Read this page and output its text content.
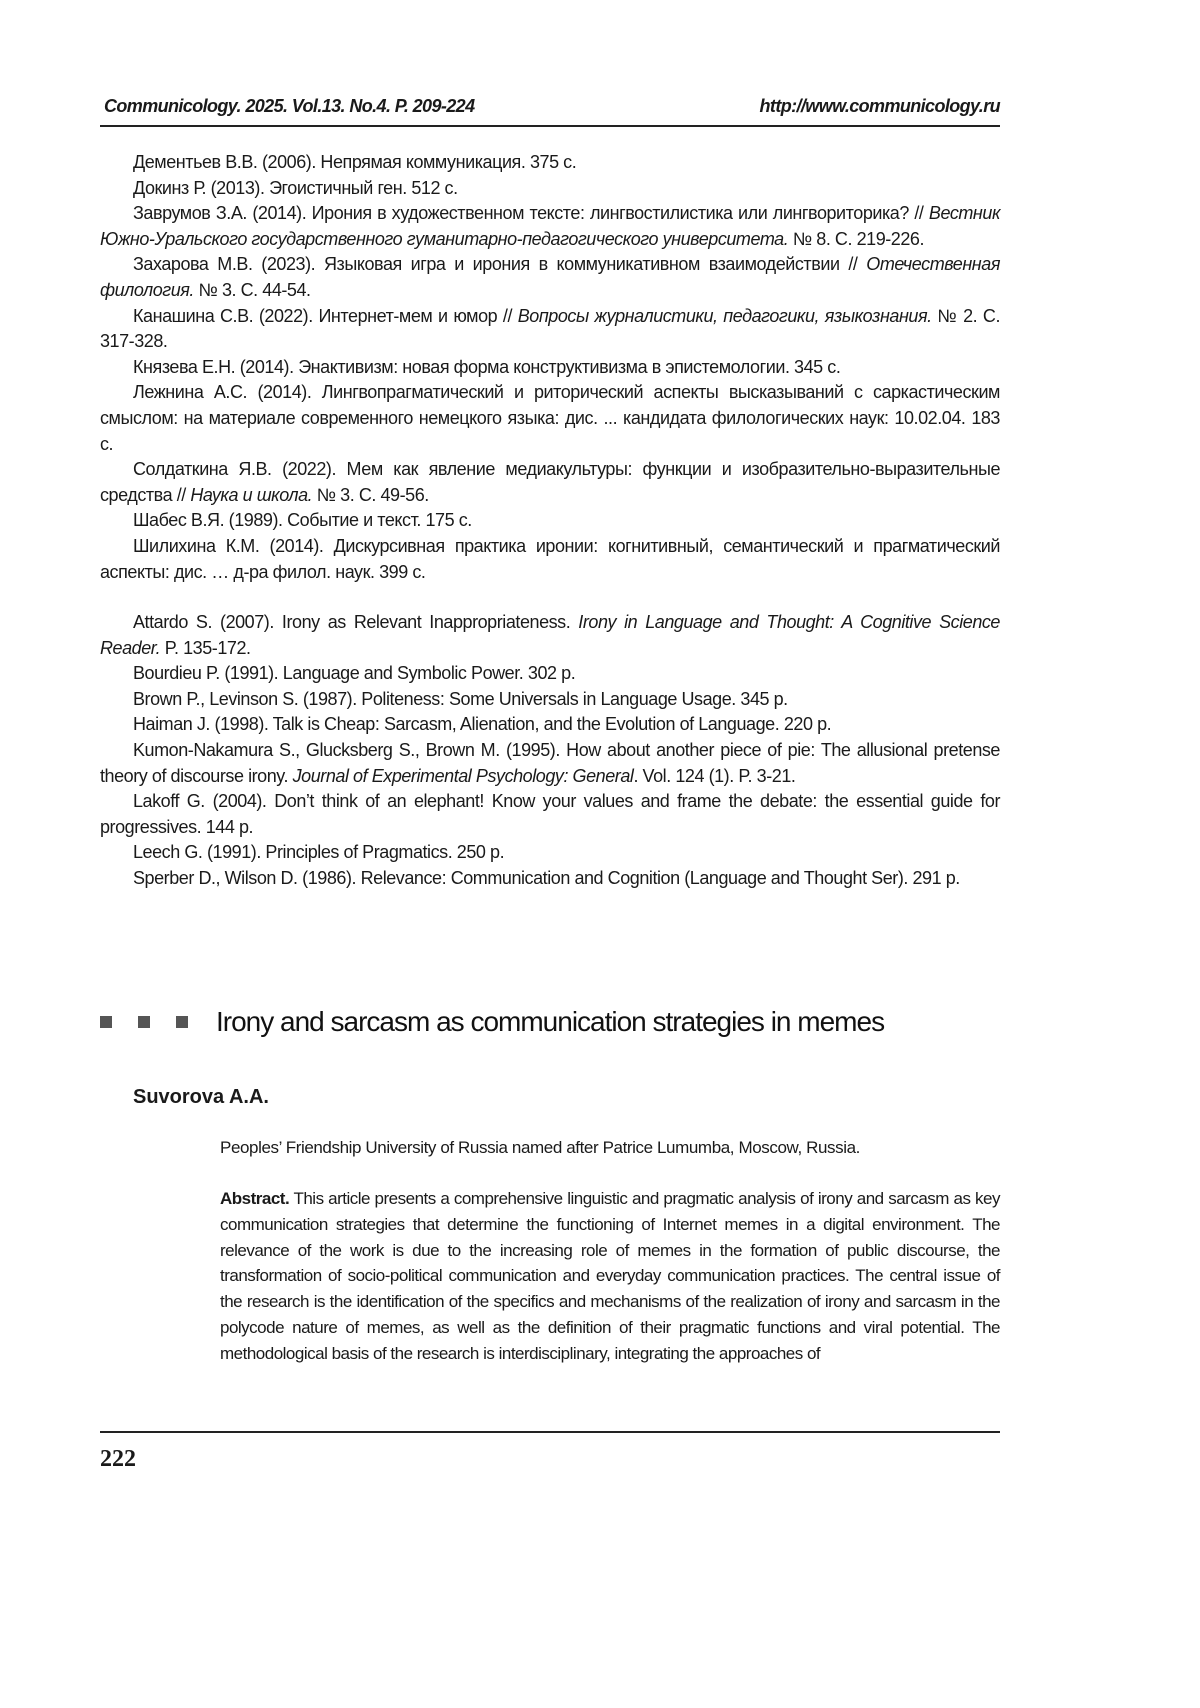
Communicology. 2025. Vol.13. No.4. P. 209-224	http://www.communicology.ru

Дементьев В.В. (2006). Непрямая коммуникация. 375 с.

Докинз Р. (2013). Эгоистичный ген. 512 с.

Заврумов З.А. (2014). Ирония в художественном тексте: лингвостилистика или лингвориторика? // Вестник Южно-Уральского государственного гуманитарно-педагогического университета. № 8. С. 219-226.

Захарова М.В. (2023). Языковая игра и ирония в коммуникативном взаимодействии // Отечественная филология. № 3. С. 44-54.

Канашина С.В. (2022). Интернет-мем и юмор // Вопросы журналистики, педагогики, языкознания. № 2. С. 317-328.

Князева Е.Н. (2014). Энактивизм: новая форма конструктивизма в эпистемологии. 345 с.

Лежнина А.С. (2014). Лингвопрагматический и риторический аспекты высказываний с саркастическим смыслом: на материале современного немецкого языка: дис. ... кандидата филологических наук: 10.02.04. 183 с.

Солдаткина Я.В. (2022). Мем как явление медиакультуры: функции и изобразительно-выразительные средства // Наука и школа. № 3. С. 49-56.

Шабес В.Я. (1989). Событие и текст. 175 с.

Шилихина К.М. (2014). Дискурсивная практика иронии: когнитивный, семантический и прагматический аспекты: дис. … д-ра филол. наук. 399 с.

Attardo S. (2007). Irony as Relevant Inappropriateness. Irony in Language and Thought: A Cognitive Science Reader. P. 135-172.

Bourdieu P. (1991). Language and Symbolic Power. 302 p.

Brown P., Levinson S. (1987). Politeness: Some Universals in Language Usage. 345 p.

Haiman J. (1998). Talk is Cheap: Sarcasm, Alienation, and the Evolution of Language. 220 p.

Kumon-Nakamura S., Glucksberg S., Brown M. (1995). How about another piece of pie: The allusional pretense theory of discourse irony. Journal of Experimental Psychology: General. Vol. 124 (1). P. 3-21.

Lakoff G. (2004). Don’t think of an elephant! Know your values and frame the debate: the essential guide for progressives. 144 p.

Leech G. (1991). Principles of Pragmatics. 250 p.

Sperber D., Wilson D. (1986). Relevance: Communication and Cognition (Language and Thought Ser). 291 p.

Irony and sarcasm as communication strategies in memes
Suvorova A.A.
Peoples’ Friendship University of Russia named after Patrice Lumumba, Moscow, Russia.

Abstract. This article presents a comprehensive linguistic and pragmatic analysis of irony and sarcasm as key communication strategies that determine the functioning of Internet memes in a digital environment. The relevance of the work is due to the increasing role of memes in the formation of public discourse, the transformation of socio-political communication and everyday communication practices. The central issue of the research is the identification of the specifics and mechanisms of the realization of irony and sarcasm in the polycode nature of memes, as well as the definition of their pragmatic functions and viral potential. The methodological basis of the research is interdisciplinary, integrating the approaches of

222
